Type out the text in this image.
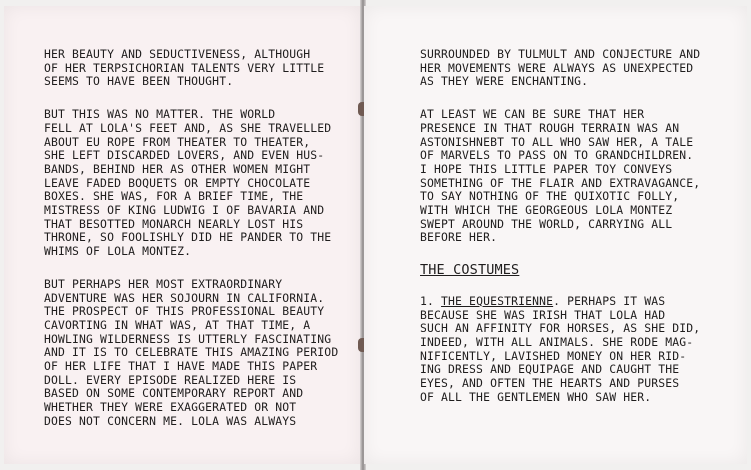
HER BEAUTY AND SEDUCTIVENESS, ALTHOUGH
OF HER TERPSICHORIAN TALENTS VERY LITTLE
SEEMS TO HAVE BEEN THOUGHT.

BUT THIS WAS NO MATTER. THE WORLD
FELL AT LOLA'S FEET AND, AS SHE TRAVELLED
ABOUT EU ROPE FROM THEATER TO THEATER,
SHE LEFT DISCARDED LOVERS, AND EVEN HUS-
BANDS, BEHIND HER AS OTHER WOMEN MIGHT
LEAVE FADED BOQUETS OR EMPTY CHOCOLATE
BOXES. SHE WAS, FOR A BRIEF TIME, THE
MISTRESS OF KING LUDWIG I OF BAVARIA AND
THAT BESOTTED MONARCH NEARLY LOST HIS
THRONE, SO FOOLISHLY DID HE PANDER TO THE
WHIMS OF LOLA MONTEZ.

BUT PERHAPS HER MOST EXTRAORDINARY
ADVENTURE WAS HER SOJOURN IN CALIFORNIA.
THE PROSPECT OF THIS PROFESSIONAL BEAUTY
CAVORTING IN WHAT WAS, AT THAT TIME, A
HOWLING WILDERNESS IS UTTERLY FASCINATING
AND IT IS TO CELEBRATE THIS AMAZING PERIOD
OF HER LIFE THAT I HAVE MADE THIS PAPER
DOLL. EVERY EPISODE REALIZED HERE IS
BASED ON SOME CONTEMPORARY REPORT AND
WHETHER THEY WERE EXAGGERATED OR NOT
DOES NOT CONCERN ME. LOLA WAS ALWAYS

SURROUNDED BY TULMULT AND CONJECTURE AND
HER MOVEMENTS WERE ALWAYS AS UNEXPECTED
AS THEY WERE ENCHANTING.

AT LEAST WE CAN BE SURE THAT HER
PRESENCE IN THAT ROUGH TERRAIN WAS AN
ASTONISHNEBT TO ALL WHO SAW HER, A TALE
OF MARVELS TO PASS ON TO GRANDCHILDREN.
I HOPE THIS LITTLE PAPER TOY CONVEYS
SOMETHING OF THE FLAIR AND EXTRAVAGANCE,
TO SAY NOTHING OF THE QUIXOTIC FOLLY,
WITH WHICH THE GEORGEOUS LOLA MONTEZ
SWEPT AROUND THE WORLD, CARRYING ALL
BEFORE HER.

THE COSTUMES

1. THE EQUESTRIENNE. PERHAPS IT WAS
BECAUSE SHE WAS IRISH THAT LOLA HAD
SUCH AN AFFINITY FOR HORSES, AS SHE DID,
INDEED, WITH ALL ANIMALS. SHE RODE MAG-
NIFICENTLY, LAVISHED MONEY ON HER RID-
ING DRESS AND EQUIPAGE AND CAUGHT THE
EYES, AND OFTEN THE HEARTS AND PURSES
OF ALL THE GENTLEMEN WHO SAW HER.
